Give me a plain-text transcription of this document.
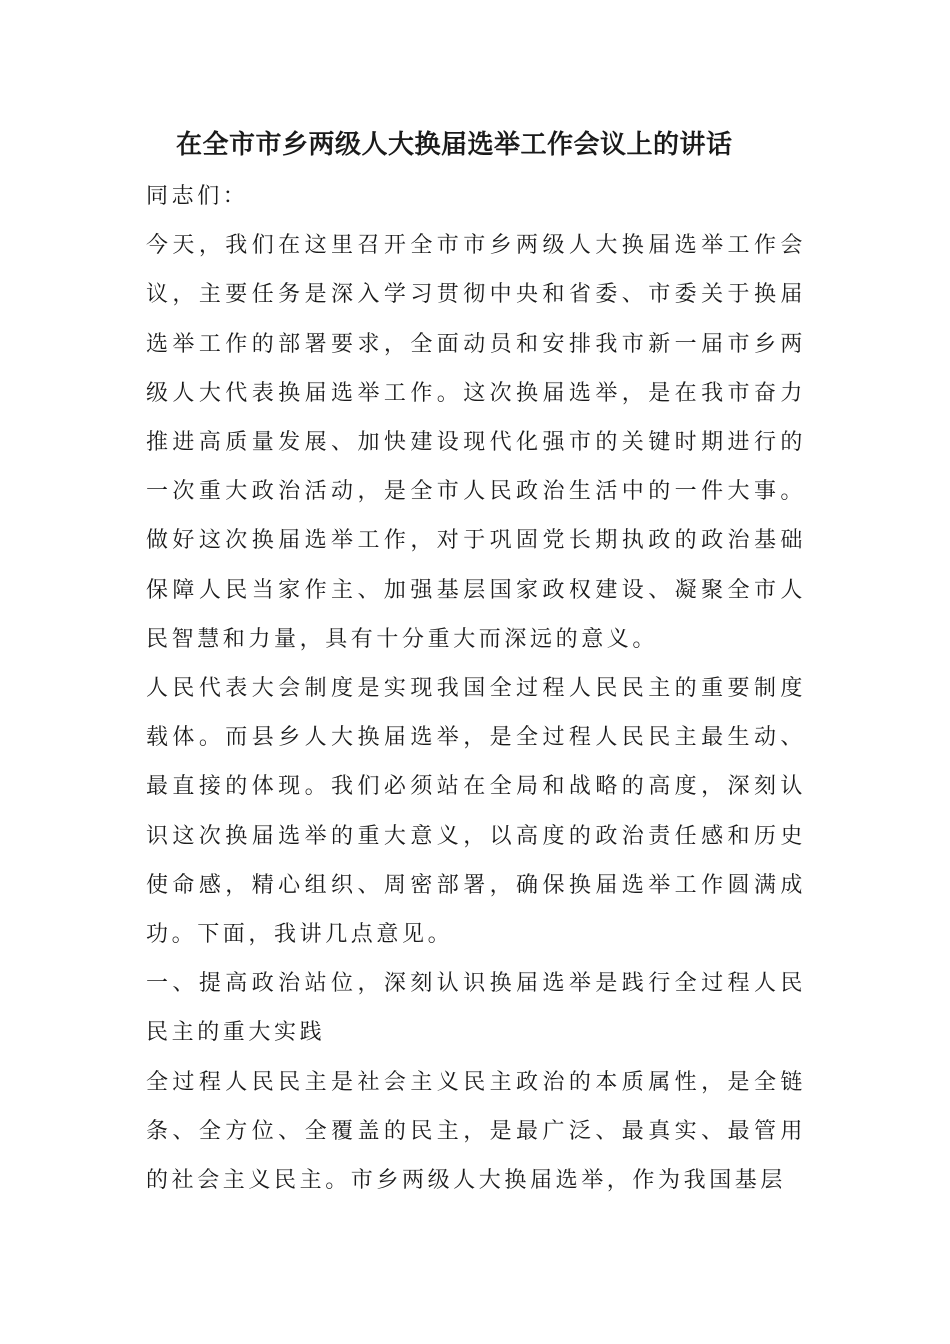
在全市市乡两级人大换届选举工作会议上的讲话

同志们：

今天，我们在这里召开全市市乡两级人大换届选举工作会议，主要任务是深入学习贯彻中央和省委、市委关于换届选举工作的部署要求，全面动员和安排我市新一届市乡两级人大代表换届选举工作。这次换届选举，是在我市奋力推进高质量发展、加快建设现代化强市的关键时期进行的一次重大政治活动，是全市人民政治生活中的一件大事。做好这次换届选举工作，对于巩固党长期执政的政治基础保障人民当家作主、加强基层国家政权建设、凝聚全市人民智慧和力量，具有十分重大而深远的意义。

人民代表大会制度是实现我国全过程人民民主的重要制度载体。而县乡人大换届选举，是全过程人民民主最生动、最直接的体现。我们必须站在全局和战略的高度，深刻认识这次换届选举的重大意义，以高度的政治责任感和历史使命感，精心组织、周密部署，确保换届选举工作圆满成功。下面，我讲几点意见。

一、提高政治站位，深刻认识换届选举是践行全过程人民民主的重大实践

全过程人民民主是社会主义民主政治的本质属性，是全链条、全方位、全覆盖的民主，是最广泛、最真实、最管用的社会主义民主。市乡两级人大换届选举，作为我国基层
